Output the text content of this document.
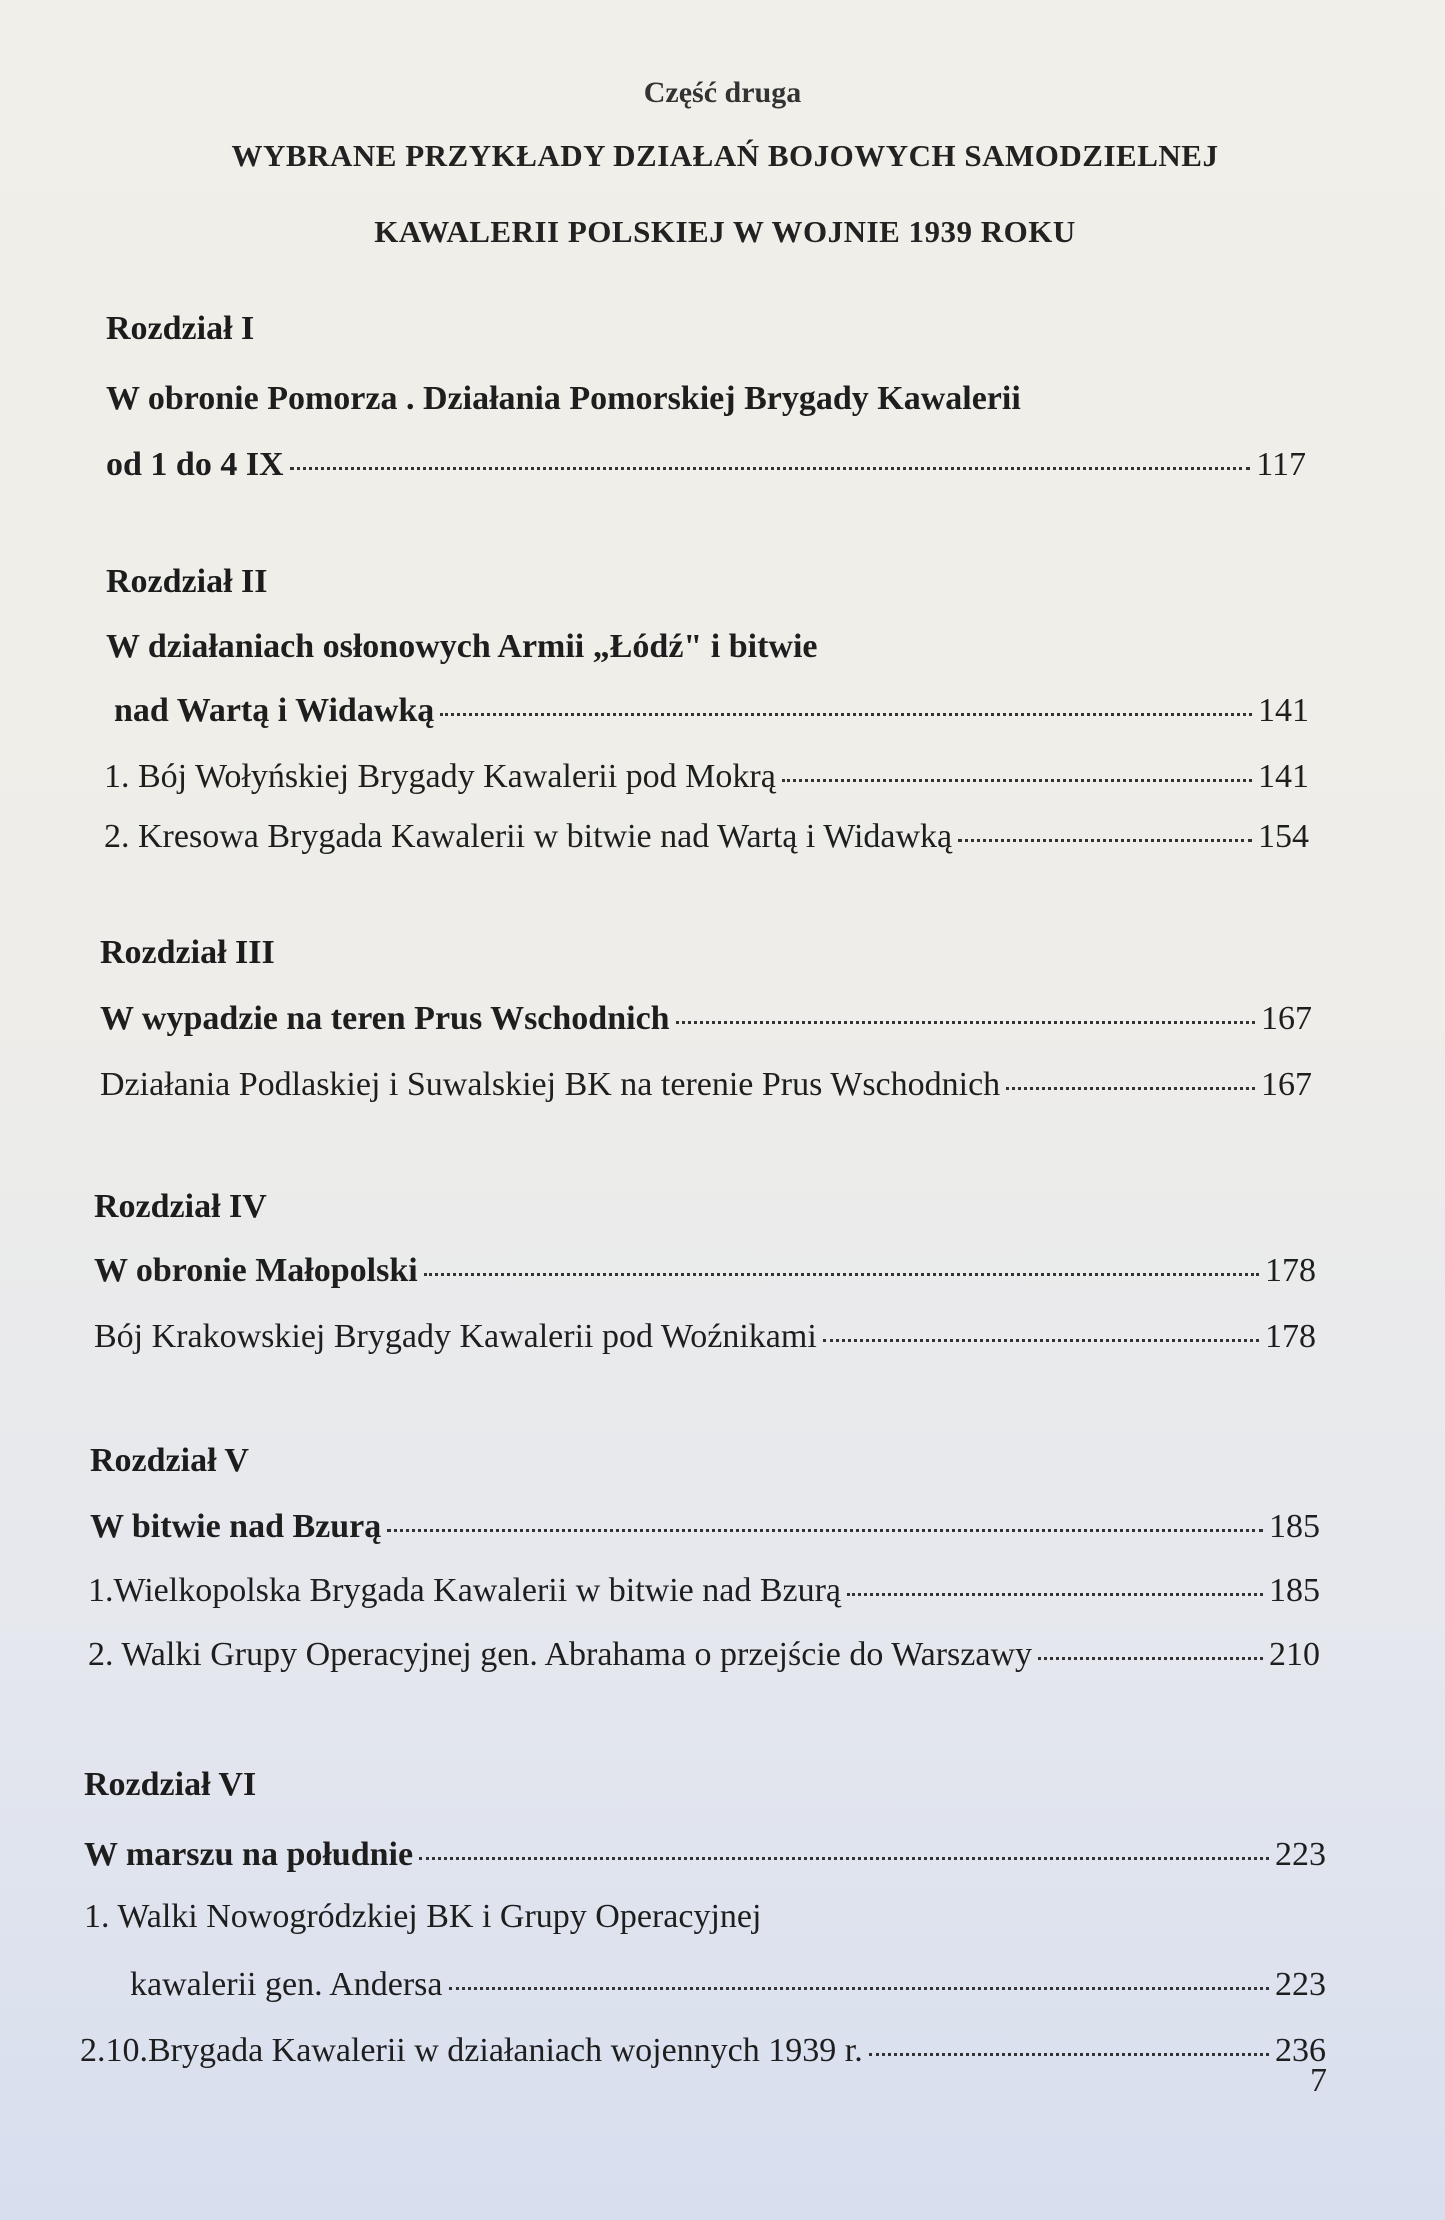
Część druga
WYBRANE PRZYKŁADY DZIAŁAŃ BOJOWYCH SAMODZIELNEJ
KAWALERII POLSKIEJ W WOJNIE 1939 ROKU
Rozdział I
W obronie Pomorza . Działania Pomorskiej Brygady Kawalerii
od 1 do 4 IX	117
Rozdział II
W działaniach osłonowych Armii „Łódź" i bitwie
nad Wartą i Widawką	141
1. Bój Wołyńskiej Brygady Kawalerii pod Mokrą	141
2. Kresowa Brygada Kawalerii w bitwie nad Wartą i Widawką	154
Rozdział III
W wypadzie na teren Prus Wschodnich	167
Działania Podlaskiej i Suwalskiej BK na terenie Prus Wschodnich	167
Rozdział IV
W obronie Małopolski	178
Bój Krakowskiej Brygady Kawalerii pod Woźnikami	178
Rozdział V
W bitwie nad Bzurą	185
1.Wielkopolska Brygada Kawalerii w bitwie nad Bzurą	185
2. Walki Grupy Operacyjnej gen. Abrahama o przejście do Warszawy	210
Rozdział VI
W marszu na południe	223
1. Walki Nowogródzkiej BK i Grupy Operacyjnej
kawalerii gen. Andersa	223
2.10.Brygada Kawalerii w działaniach wojennych 1939 r.	236
7
